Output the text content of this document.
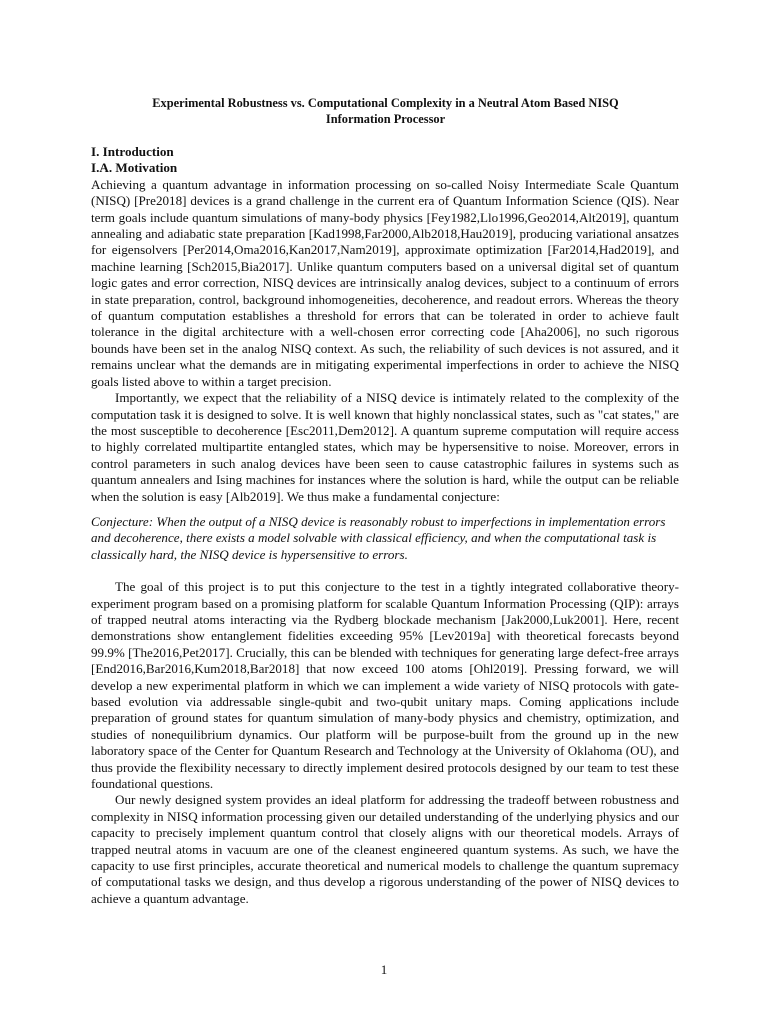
Experimental Robustness vs. Computational Complexity in a Neutral Atom Based NISQ
Information Processor

I. Introduction

I.A. Motivation

Achieving a quantum advantage in information processing on so-called Noisy Intermediate Scale Quantum (NISQ) [Pre2018] devices is a grand challenge in the current era of Quantum Information Science (QIS). Near term goals include quantum simulations of many-body physics [Fey1982,Llo1996,Geo2014,Alt2019], quantum annealing and adiabatic state preparation [Kad1998,Far2000,Alb2018,Hau2019], producing variational ansatzes for eigensolvers [Per2014,Oma2016,Kan2017,Nam2019], approximate optimization [Far2014,Had2019], and machine learning [Sch2015,Bia2017]. Unlike quantum computers based on a universal digital set of quantum logic gates and error correction, NISQ devices are intrinsically analog devices, subject to a continuum of errors in state preparation, control, background inhomogeneities, decoherence, and readout errors. Whereas the theory of quantum computation establishes a threshold for errors that can be tolerated in order to achieve fault tolerance in the digital architecture with a well-chosen error correcting code [Aha2006], no such rigorous bounds have been set in the analog NISQ context. As such, the reliability of such devices is not assured, and it remains unclear what the demands are in mitigating experimental imperfections in order to achieve the NISQ goals listed above to within a target precision.

Importantly, we expect that the reliability of a NISQ device is intimately related to the complexity of the computation task it is designed to solve. It is well known that highly nonclassical states, such as "cat states," are the most susceptible to decoherence [Esc2011,Dem2012]. A quantum supreme computation will require access to highly correlated multipartite entangled states, which may be hypersensitive to noise. Moreover, errors in control parameters in such analog devices have been seen to cause catastrophic failures in systems such as quantum annealers and Ising machines for instances where the solution is hard, while the output can be reliable when the solution is easy [Alb2019]. We thus make a fundamental conjecture:

Conjecture: When the output of a NISQ device is reasonably robust to imperfections in implementation errors and decoherence, there exists a model solvable with classical efficiency, and when the computational task is classically hard, the NISQ device is hypersensitive to errors.

The goal of this project is to put this conjecture to the test in a tightly integrated collaborative theory-experiment program based on a promising platform for scalable Quantum Information Processing (QIP): arrays of trapped neutral atoms interacting via the Rydberg blockade mechanism [Jak2000,Luk2001]. Here, recent demonstrations show entanglement fidelities exceeding 95% [Lev2019a] with theoretical forecasts beyond 99.9% [The2016,Pet2017]. Crucially, this can be blended with techniques for generating large defect-free arrays [End2016,Bar2016,Kum2018,Bar2018] that now exceed 100 atoms [Ohl2019]. Pressing forward, we will develop a new experimental platform in which we can implement a wide variety of NISQ protocols with gate-based evolution via addressable single-qubit and two-qubit unitary maps. Coming applications include preparation of ground states for quantum simulation of many-body physics and chemistry, optimization, and studies of nonequilibrium dynamics. Our platform will be purpose-built from the ground up in the new laboratory space of the Center for Quantum Research and Technology at the University of Oklahoma (OU), and thus provide the flexibility necessary to directly implement desired protocols designed by our team to test these foundational questions.

Our newly designed system provides an ideal platform for addressing the tradeoff between robustness and complexity in NISQ information processing given our detailed understanding of the underlying physics and our capacity to precisely implement quantum control that closely aligns with our theoretical models. Arrays of trapped neutral atoms in vacuum are one of the cleanest engineered quantum systems. As such, we have the capacity to use first principles, accurate theoretical and numerical models to challenge the quantum supremacy of computational tasks we design, and thus develop a rigorous understanding of the power of NISQ devices to achieve a quantum advantage.

1
